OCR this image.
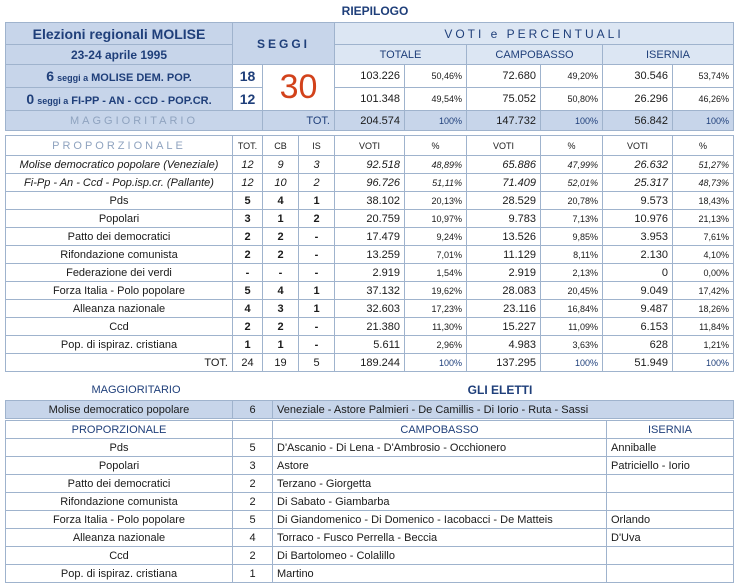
RIEPILOGO
Elezioni regionali MOLISE	SEGGI	VOTI e PERCENTUALI		
23-24 aprile 1995		TOTALE	CAMPOBASSO	ISERNIA
6 seggi a MOLISE DEM. POP.	18	30	103.226	50,46%	72.680	49,20%	30.546	53,74%
0 seggi a FI-PP - AN - CCD - POP.CR.	12		101.348	49,54%	75.052	50,80%	26.296	46,26%
MAGGIORITARIO		TOT.	204.574	100%	147.732	100%	56.842	100%
PROPORZIONALE	TOT.	CB	IS	VOTI	%	VOTI	%	VOTI	%
Molise democratico popolare (Veneziale)	12	9	3	92.518	48,89%	65.886	47,99%	26.632	51,27%
Fi-Pp - An - Ccd - Pop.isp.cr. (Pallante)	12	10	2	96.726	51,11%	71.409	52,01%	25.317	48,73%
Pds	5	4	1	38.102	20,13%	28.529	20,78%	9.573	18,43%
Popolari	3	1	2	20.759	10,97%	9.783	7,13%	10.976	21,13%
Patto dei democratici	2	2	-	17.479	9,24%	13.526	9,85%	3.953	7,61%
Rifondazione comunista	2	2	-	13.259	7,01%	11.129	8,11%	2.130	4,10%
Federazione dei verdi	-	-	-	2.919	1,54%	2.919	2,13%	0	0,00%
Forza Italia - Polo popolare	5	4	1	37.132	19,62%	28.083	20,45%	9.049	17,42%
Alleanza nazionale	4	3	1	32.603	17,23%	23.116	16,84%	9.487	18,26%
Ccd	2	2	-	21.380	11,30%	15.227	11,09%	6.153	11,84%
Pop. di ispiraz. cristiana	1	1	-	5.611	2,96%	4.983	3,63%	628	1,21%
TOT.	24	19	5	189.244	100%	137.295	100%	51.949	100%
MAGGIORITARIO	GLI ELETTI
Molise democratico popolare	6	Veneziale - Astore Palmieri - De Camillis - Di Iorio - Ruta - Sassi
PROPORZIONALE		CAMPOBASSO	ISERNIA
Pds	5	D'Ascanio - Di Lena - D'Ambrosio - Occhionero	Anniballe
Popolari	3	Astore	Patriciello - Iorio
Patto dei democratici	2	Terzano - Giorgetta	
Rifondazione comunista	2	Di Sabato - Giambarba	
Forza Italia - Polo popolare	5	Di Giandomenico - Di Domenico - Iacobacci - De Matteis	Orlando
Alleanza nazionale	4	Torraco - Fusco Perrella - Beccia	D'Uva
Ccd	2	Di Bartolomeo - Colalillo	
Pop. di ispiraz. cristiana	1	Martino	
